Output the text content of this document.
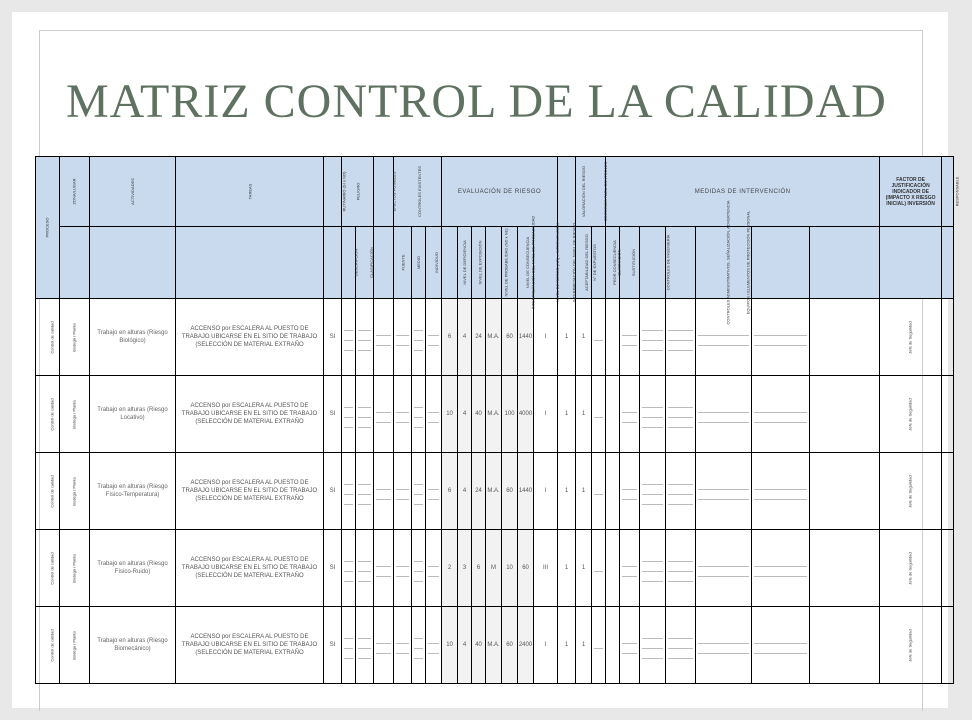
MATRIZ CONTROL DE LA CALIDAD
PROCESO	ZONA/LUGAR	ACTIVIDADES	TAREAS	RUTINARIO (SI o NO)	PELIGRO		EFECTOS POSIBLES	CONTROLES EXISTENTES			EVALUACIÓN DE RIESGO							VALORACIÓN DEL RIESGO	CRITERIOS PARA CONTROLES		MEDIDAS DE INTERVENCIÓN							FACTOR DE JUSTIFICACIÓN INDICADOR DE (IMPACTO X RIESGO INICIAL) INVERSIÓN	RESPONSABLE	
					DESCRIPCIÓN	CLASIFICACIÓN		FUENTE	MEDIO	INDIVIDUO	NIVEL DE DEFICIENCIA	NIVEL DE EXPOSICIÓN	NIVEL DE PROBABILIDAD (ND x NE)	INTERPRETACIÓN DEL NIVEL DE PROBABILIDAD	NIVEL DE CONSECUENCIA	NIVEL DE RIESGO (NR) e INTERVENCIÓN	INTERPRETACIÓN DEL NIVEL DE RIESGO	ACEPTABILIDAD DEL RIESGO	N° DE EXPUESTOS	PEOR CONSECUENCIA	ELIMINACIÓN	SUSTITUCIÓN	CONTROLES DE INGENIERÍA	CONTROLES ADMINISTRATIVOS, SEÑALIZACIÓN, ADVERTENCIA	EQUIPOS / ELEMENTOS DE PROTECCIÓN PERSONAL					
Control de calidad	Bodega / Planta	Trabajo en alturas (Riesgo Biológico)	ACCENSO por ESCALERA AL PUESTO DE TRABAJO UBICARSE EN EL SITIO DE TRABAJO (SELECCIÓN DE MATERIAL EXTRAÑO	SI							6	4	24	M.A.	60	1440	I	1	1									Jefe de Seguridad		
Control de calidad	Bodega / Planta	Trabajo en alturas (Riesgo Locativo)	ACCENSO por ESCALERA AL PUESTO DE TRABAJO UBICARSE EN EL SITIO DE TRABAJO (SELECCIÓN DE MATERIAL EXTRAÑO	SI							10	4	40	M.A.	100	4000	I	1	1									Jefe de Seguridad		
Control de calidad	Bodega / Planta	Trabajo en alturas (Riesgo Físico-Temperatura)	ACCENSO por ESCALERA AL PUESTO DE TRABAJO UBICARSE EN EL SITIO DE TRABAJO (SELECCIÓN DE MATERIAL EXTRAÑO	SI							6	4	24	M.A.	60	1440	I	1	1									Jefe de Seguridad		
Control de calidad	Bodega / Planta	Trabajo en alturas (Riesgo Físico-Ruido)	ACCENSO por ESCALERA AL PUESTO DE TRABAJO UBICARSE EN EL SITIO DE TRABAJO (SELECCIÓN DE MATERIAL EXTRAÑO	SI							2	3	6	M	10	60	III	1	1									Jefe de Seguridad		
Control de calidad	Bodega / Planta	Trabajo en alturas (Riesgo Biomecánico)	ACCENSO por ESCALERA AL PUESTO DE TRABAJO UBICARSE EN EL SITIO DE TRABAJO (SELECCIÓN DE MATERIAL EXTRAÑO	SI							10	4	40	M.A.	60	2400	I	1	1									Jefe de Seguridad		
